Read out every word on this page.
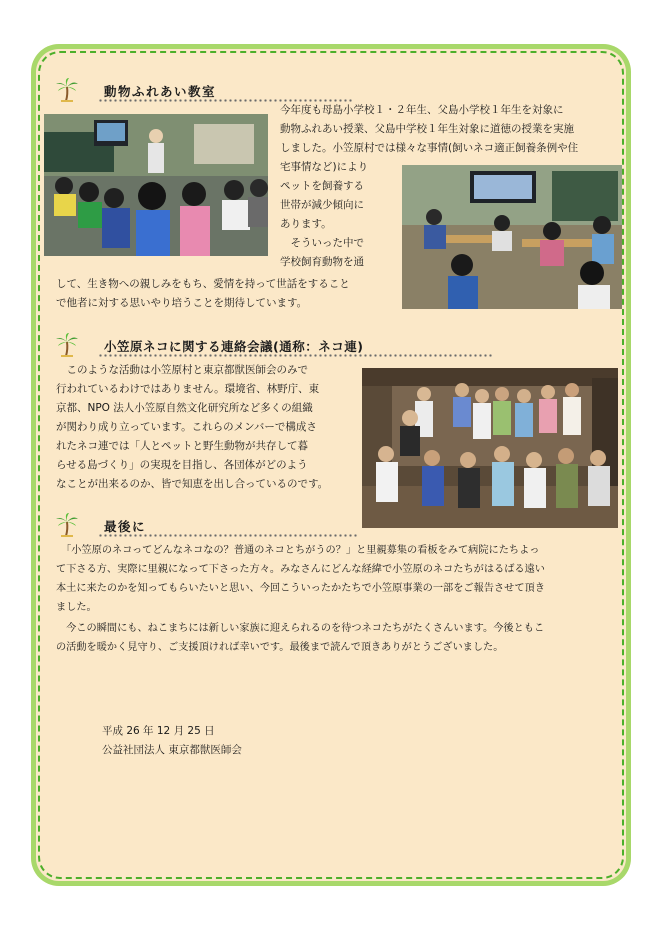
動物ふれあい教室

今年度も母島小学校１・２年生、父島小学校１年生を対象に

動物ふれあい授業、父島中学校１年生対象に道徳の授業を実施

しました。小笠原村では様々な事情(飼いネコ適正飼養条例や住

宅事情など)により

ペットを飼養する

世帯が減少傾向に

あります。

　そういった中で

学校飼育動物を通

して、生き物への親しみをもち、愛情を持って世話をすること

で他者に対する思いやり培うことを期待しています。

小笠原ネコに関する連絡会議(通称：ネコ連)

　このような活動は小笠原村と東京都獣医師会のみで

行われているわけではありません。環境省、林野庁、東

京都、NPO 法人小笠原自然文化研究所など多くの組織

が関わり成り立っています。これらのメンバーで構成さ

れたネコ連では「人とペットと野生動物が共存して暮

らせる島づくり」の実現を目指し、各団体がどのよう

なことが出来るのか、皆で知恵を出し合っているのです。

最後に

　「小笠原のネコってどんなネコなの？普通のネコとちがうの？」と里親募集の看板をみて病院にたちよっ

て下さる方、実際に里親になって下さった方々。みなさんにどんな経緯で小笠原のネコたちがはるばる遠い

本土に来たのかを知ってもらいたいと思い、今回こういったかたちで小笠原事業の一部をご報告させて頂き

ました。

　今この瞬間にも、ねこまちには新しい家族に迎えられるのを待つネコたちがたくさんいます。今後ともこ

の活動を暖かく見守り、ご支援頂ければ幸いです。最後まで読んで頂きありがとうございました。

平成 26 年 12 月 25 日

公益社団法人 東京都獣医師会
